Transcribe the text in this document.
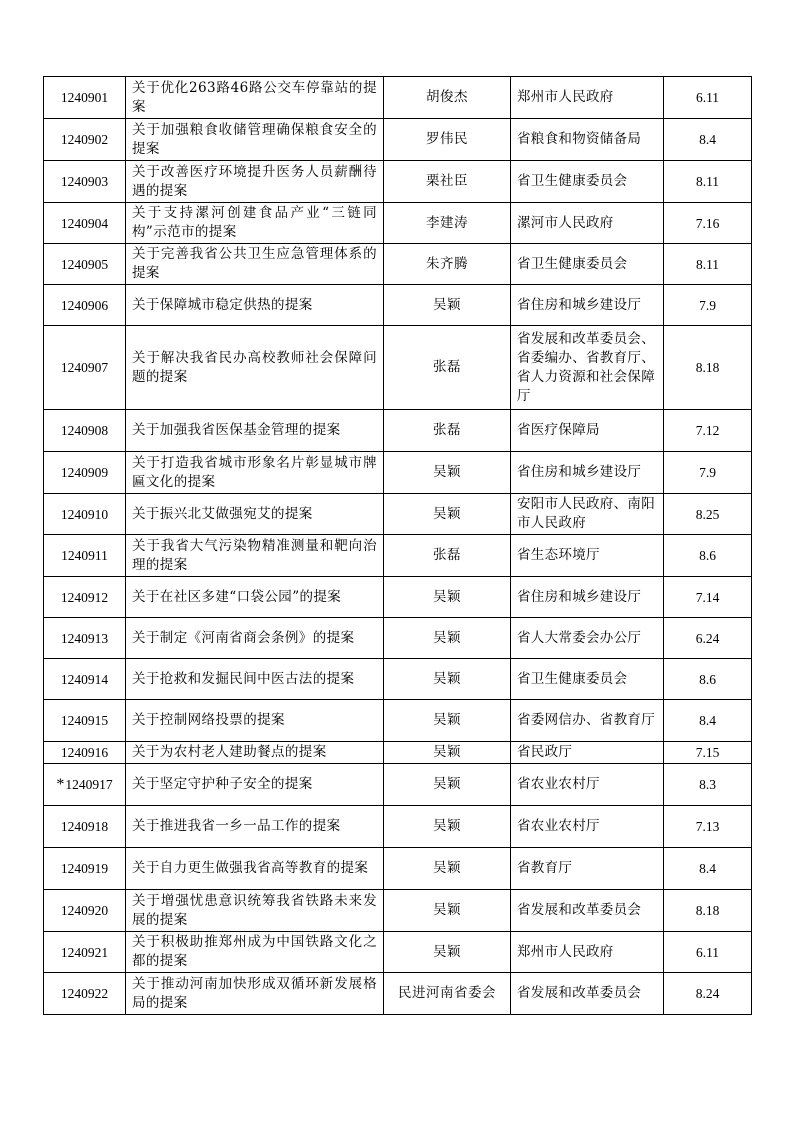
1240901	关于优化263路46路公交车停靠站的提案	胡俊杰	郑州市人民政府	6.11
1240902	关于加强粮食收储管理确保粮食安全的提案	罗伟民	省粮食和物资储备局	8.4
1240903	关于改善医疗环境提升医务人员薪酬待遇的提案	栗社臣	省卫生健康委员会	8.11
1240904	关于支持漯河创建食品产业“三链同构”示范市的提案	李建涛	漯河市人民政府	7.16
1240905	关于完善我省公共卫生应急管理体系的提案	朱齐腾	省卫生健康委员会	8.11
1240906	关于保障城市稳定供热的提案	吴颖	省住房和城乡建设厅	7.9
1240907	关于解决我省民办高校教师社会保障问题的提案	张磊	省发展和改革委员会、省委编办、省教育厅、省人力资源和社会保障厅	8.18
1240908	关于加强我省医保基金管理的提案	张磊	省医疗保障局	7.12
1240909	关于打造我省城市形象名片彰显城市牌匾文化的提案	吴颖	省住房和城乡建设厅	7.9
1240910	关于振兴北艾做强宛艾的提案	吴颖	安阳市人民政府、南阳市人民政府	8.25
1240911	关于我省大气污染物精准测量和靶向治理的提案	张磊	省生态环境厅	8.6
1240912	关于在社区多建“口袋公园”的提案	吴颖	省住房和城乡建设厅	7.14
1240913	关于制定《河南省商会条例》的提案	吴颖	省人大常委会办公厅	6.24
1240914	关于抢救和发掘民间中医古法的提案	吴颖	省卫生健康委员会	8.6
1240915	关于控制网络投票的提案	吴颖	省委网信办、省教育厅	8.4
1240916	关于为农村老人建助餐点的提案	吴颖	省民政厅	7.15
*1240917	关于坚定守护种子安全的提案	吴颖	省农业农村厅	8.3
1240918	关于推进我省一乡一品工作的提案	吴颖	省农业农村厅	7.13
1240919	关于自力更生做强我省高等教育的提案	吴颖	省教育厅	8.4
1240920	关于增强忧患意识统筹我省铁路未来发展的提案	吴颖	省发展和改革委员会	8.18
1240921	关于积极助推郑州成为中国铁路文化之都的提案	吴颖	郑州市人民政府	6.11
1240922	关于推动河南加快形成双循环新发展格局的提案	民进河南省委会	省发展和改革委员会	8.24
